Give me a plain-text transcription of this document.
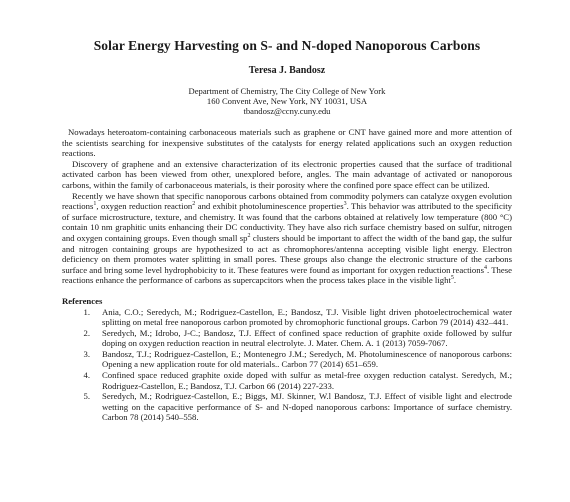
Solar Energy Harvesting on S- and N-doped Nanoporous Carbons
Teresa J. Bandosz
Department of Chemistry, The City College of New York
160 Convent Ave, New York, NY 10031, USA
tbandosz@ccny.cuny.edu

Nowadays heteroatom-containing carbonaceous materials such as graphene or CNT have gained more and more attention of the scientists searching for inexpensive substitutes of the catalysts for energy related applications such an oxygen reduction reactions.

Discovery of graphene and an extensive characterization of its electronic properties caused that the surface of traditional activated carbon has been viewed from other, unexplored before, angles. The main advantage of activated or nanoporous carbons, within the family of carbonaceous materials, is their porosity where the confined pore space effect can be utilized.

Recently we have shown that specific nanoporous carbons obtained from commodity polymers can catalyze oxygen evolution reactions$^1$, oxygen reduction reaction$^2$ and exhibit photoluminescence properties$^3$. This behavior was attributed to the specificity of surface microstructure, texture, and chemistry. It was found that the carbons obtained at relatively low temperature (800 °C) contain 10 nm graphitic units enhancing their DC conductivity. They have also rich surface chemistry based on sulfur, nitrogen and oxygen containing groups. Even though small $sp^2$ clusters should be important to affect the width of the band gap, the sulfur and nitrogen containing groups are hypothesized to act as chromophores/antenna accepting visible light energy. Electron deficiency on them promotes water splitting in small pores. These groups also change the electronic structure of the carbons surface and bring some level hydrophobicity to it. These features were found as important for oxygen reduction reactions$^4$. These reactions enhance the performance of carbons as supercapcitors when the process takes place in the visible light$^5$.

References
1.	Ania, C.O.; Seredych, M.; Rodriguez-Castellon, E.; Bandosz, T.J. Visible light driven photoelectrochemical water splitting on metal free nanoporous carbon promoted by chromophoric functional groups. Carbon 79 (2014) 432–441.
2.	Seredych, M.; Idrobo, J-C.; Bandosz, T.J. Effect of confined space reduction of graphite oxide followed by sulfur doping on oxygen reduction reaction in neutral electrolyte. J. Mater. Chem. A. 1 (2013) 7059-7067.
3.	Bandosz, T.J.; Rodriguez-Castellon, E.; Montenegro J.M.; Seredych, M. Photoluminescence of nanoporous carbons: Opening a new application route for old materials.. Carbon 77 (2014) 651–659.
4.	Confined space reduced graphite oxide doped with sulfur as metal-free oxygen reduction catalyst. Seredych, M.; Rodriguez-Castellon, E.; Bandosz, T.J. Carbon 66 (2014) 227-233.
5.	Seredych, M.; Rodriguez-Castellon, E.; Biggs, MJ. Skinner, W.l Bandosz, T.J. Effect of visible light and electrode wetting on the capacitive performance of S- and N-doped nanoporous carbons: Importance of surface chemistry. Carbon 78 (2014) 540–558.
